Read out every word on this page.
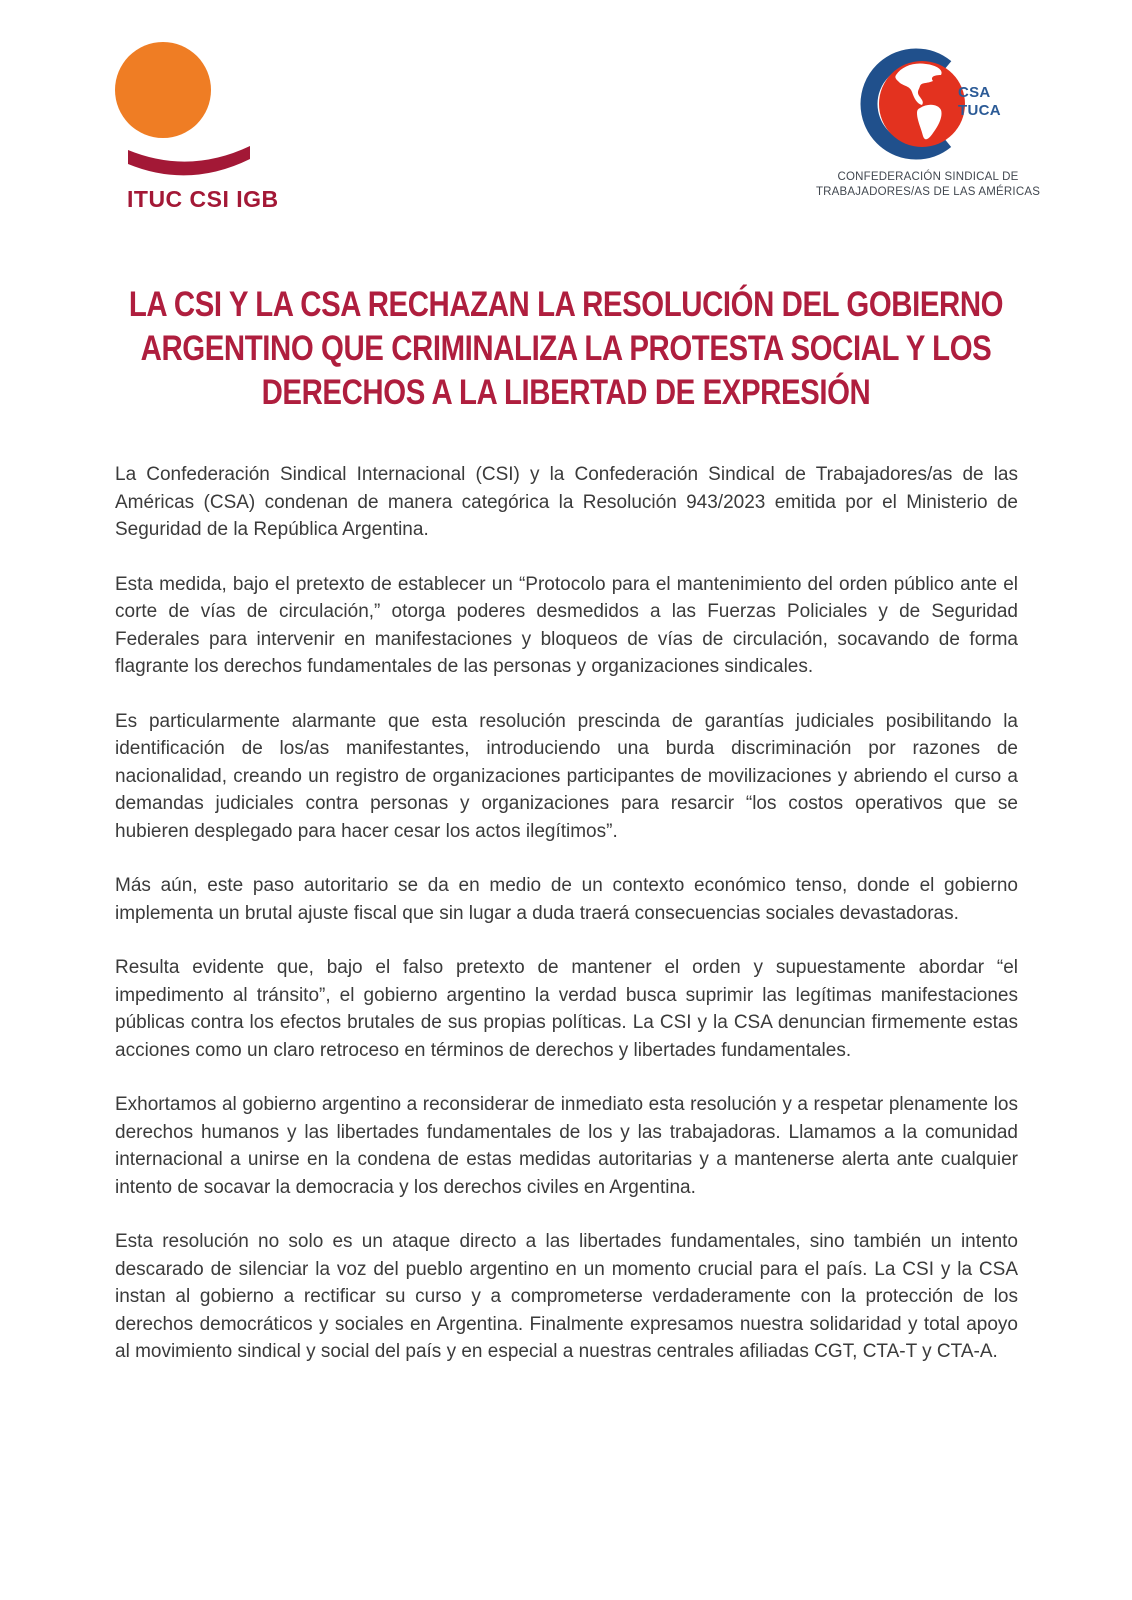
ITUC CSI IGB
CSA
TUCA
CONFEDERACIÓN SINDICAL DE
TRABAJADORES/AS DE LAS AMÉRICAS
LA CSI Y LA CSA RECHAZAN LA RESOLUCIÓN DEL GOBIERNO
ARGENTINO QUE CRIMINALIZA LA PROTESTA SOCIAL Y LOS
DERECHOS A LA LIBERTAD DE EXPRESIÓN

La Confederación Sindical Internacional (CSI) y la Confederación Sindical de Trabajadores/as de las Américas (CSA) condenan de manera categórica la Resolución 943/2023 emitida por el Ministerio de Seguridad de la República Argentina.

Esta medida, bajo el pretexto de establecer un “Protocolo para el mantenimiento del orden público ante el corte de vías de circulación,” otorga poderes desmedidos a las Fuerzas Policiales y de Seguridad Federales para intervenir en manifestaciones y bloqueos de vías de circulación, socavando de forma flagrante los derechos fundamentales de las personas y organizaciones sindicales.

Es particularmente alarmante que esta resolución prescinda de garantías judiciales posibilitando la identificación de los/as manifestantes, introduciendo una burda discriminación por razones de nacionalidad, creando un registro de organizaciones participantes de movilizaciones y abriendo el curso a demandas judiciales contra personas y organizaciones para resarcir “los costos operativos que se hubieren desplegado para hacer cesar los actos ilegítimos”.

Más aún, este paso autoritario se da en medio de un contexto económico tenso, donde el gobierno implementa un brutal ajuste fiscal que sin lugar a duda traerá consecuencias sociales devastadoras.

Resulta evidente que, bajo el falso pretexto de mantener el orden y supuestamente abordar “el impedimento al tránsito”, el gobierno argentino la verdad busca suprimir las legítimas manifestaciones públicas contra los efectos brutales de sus propias políticas. La CSI y la CSA denuncian firmemente estas acciones como un claro retroceso en términos de derechos y libertades fundamentales.

Exhortamos al gobierno argentino a reconsiderar de inmediato esta resolución y a respetar plenamente los derechos humanos y las libertades fundamentales de los y las trabajadoras. Llamamos a la comunidad internacional a unirse en la condena de estas medidas autoritarias y a mantenerse alerta ante cualquier intento de socavar la democracia y los derechos civiles en Argentina.

Esta resolución no solo es un ataque directo a las libertades fundamentales, sino también un intento descarado de silenciar la voz del pueblo argentino en un momento crucial para el país. La CSI y la CSA instan al gobierno a rectificar su curso y a comprometerse verdaderamente con la protección de los derechos democráticos y sociales en Argentina. Finalmente expresamos nuestra solidaridad y total apoyo al movimiento sindical y social del país y en especial a nuestras centrales afiliadas CGT, CTA-T y CTA-A.
